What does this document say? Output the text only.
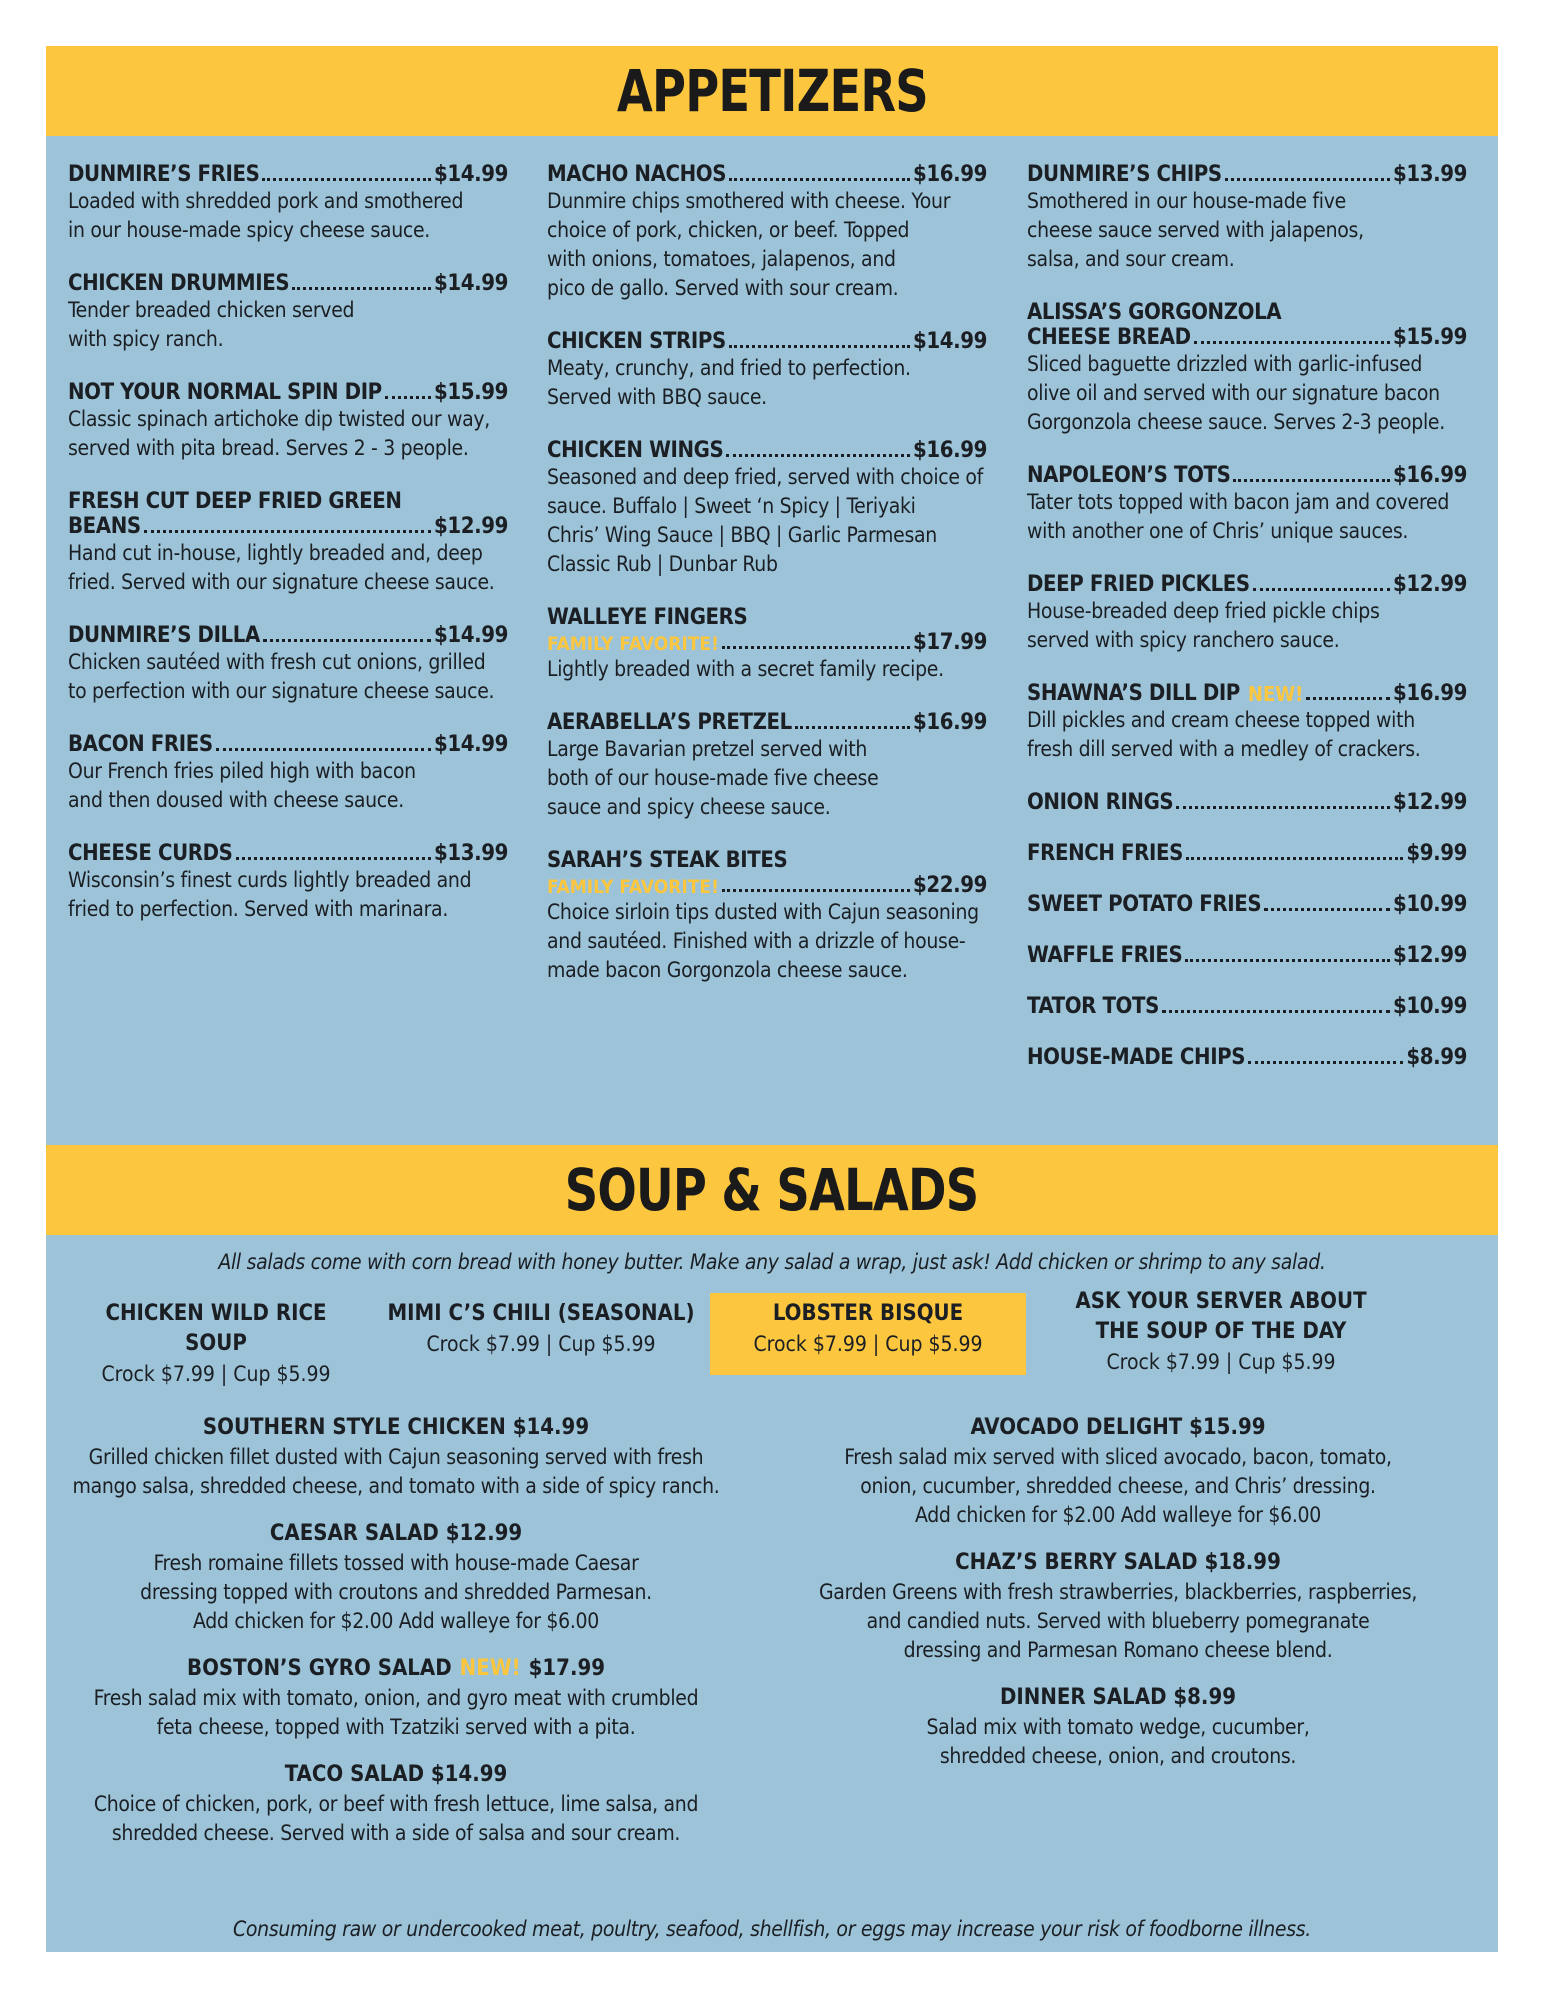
APPETIZERS
DUNMIRE’S FRIES	$14.99
Loaded with shredded pork and smothered
in our house-made spicy cheese sauce.
CHICKEN DRUMMIES	$14.99
Tender breaded chicken served
with spicy ranch.
NOT YOUR NORMAL SPIN DIP $15.99
Classic spinach artichoke dip twisted our way,
served with pita bread. Serves 2 - 3 people.
FRESH CUT DEEP FRIED GREEN
BEANS	$12.99
Hand cut in-house, lightly breaded and, deep
fried. Served with our signature cheese sauce.
DUNMIRE’S DILLA	$14.99
Chicken sautéed with fresh cut onions, grilled
to perfection with our signature cheese sauce.
BACON FRIES	$14.99
Our French fries piled high with bacon
and then doused with cheese sauce.
CHEESE CURDS	$13.99
Wisconsin’s finest curds lightly breaded and
fried to perfection. Served with marinara.
MACHO NACHOS	$16.99
Dunmire chips smothered with cheese. Your
choice of pork, chicken, or beef. Topped
with onions, tomatoes, jalapenos, and
pico de gallo. Served with sour cream.
CHICKEN STRIPS	$14.99
Meaty, crunchy, and fried to perfection.
Served with BBQ sauce.
CHICKEN WINGS	$16.99
Seasoned and deep fried, served with choice of
sauce. Buffalo | Sweet ‘n Spicy | Teriyaki
Chris’ Wing Sauce | BBQ | Garlic Parmesan
Classic Rub | Dunbar Rub
WALLEYE FINGERS
FAMILY FAVORITE!	$17.99
Lightly breaded with a secret family recipe.
AERABELLA’S PRETZEL	$16.99
Large Bavarian pretzel served with
both of our house-made five cheese
sauce and spicy cheese sauce.
SARAH’S STEAK BITES
FAMILY FAVORITE!	$22.99
Choice sirloin tips dusted with Cajun seasoning
and sautéed. Finished with a drizzle of house-
made bacon Gorgonzola cheese sauce.
DUNMIRE’S CHIPS	$13.99
Smothered in our house-made five
cheese sauce served with jalapenos,
salsa, and sour cream.
ALISSA’S GORGONZOLA
CHEESE BREAD	$15.99
Sliced baguette drizzled with garlic-infused
olive oil and served with our signature bacon
Gorgonzola cheese sauce. Serves 2-3 people.
NAPOLEON’S TOTS	$16.99
Tater tots topped with bacon jam and covered
with another one of Chris’ unique sauces.
DEEP FRIED PICKLES	$12.99
House-breaded deep fried pickle chips
served with spicy ranchero sauce.
SHAWNA’S DILL DIP NEW!	$16.99
Dill pickles and cream cheese topped with
fresh dill served with a medley of crackers.
ONION RINGS	$12.99
FRENCH FRIES	$9.99
SWEET POTATO FRIES	$10.99
WAFFLE FRIES	$12.99
TATOR TOTS	$10.99
HOUSE-MADE CHIPS	$8.99
SOUP & SALADS
All salads come with corn bread with honey butter. Make any salad a wrap, just ask! Add chicken or shrimp to any salad.
CHICKEN WILD RICE SOUP
Crock $7.99 | Cup $5.99
MIMI C’S CHILI (SEASONAL)
Crock $7.99 | Cup $5.99
LOBSTER BISQUE
Crock $7.99 | Cup $5.99
ASK YOUR SERVER ABOUT
THE SOUP OF THE DAY
Crock $7.99 | Cup $5.99
SOUTHERN STYLE CHICKEN $14.99
Grilled chicken fillet dusted with Cajun seasoning served with fresh
mango salsa, shredded cheese, and tomato with a side of spicy ranch.
CAESAR SALAD $12.99
Fresh romaine fillets tossed with house-made Caesar
dressing topped with croutons and shredded Parmesan.
Add chicken for $2.00 Add walleye for $6.00
BOSTON’S GYRO SALAD NEW! $17.99
Fresh salad mix with tomato, onion, and gyro meat with crumbled
feta cheese, topped with Tzatziki served with a pita.
TACO SALAD $14.99
Choice of chicken, pork, or beef with fresh lettuce, lime salsa, and
shredded cheese. Served with a side of salsa and sour cream.
AVOCADO DELIGHT $15.99
Fresh salad mix served with sliced avocado, bacon, tomato,
onion, cucumber, shredded cheese, and Chris’ dressing.
Add chicken for $2.00 Add walleye for $6.00
CHAZ’S BERRY SALAD $18.99
Garden Greens with fresh strawberries, blackberries, raspberries,
and candied nuts. Served with blueberry pomegranate
dressing and Parmesan Romano cheese blend.
DINNER SALAD $8.99
Salad mix with tomato wedge, cucumber,
shredded cheese, onion, and croutons.
Consuming raw or undercooked meat, poultry, seafood, shellfish, or eggs may increase your risk of foodborne illness.
